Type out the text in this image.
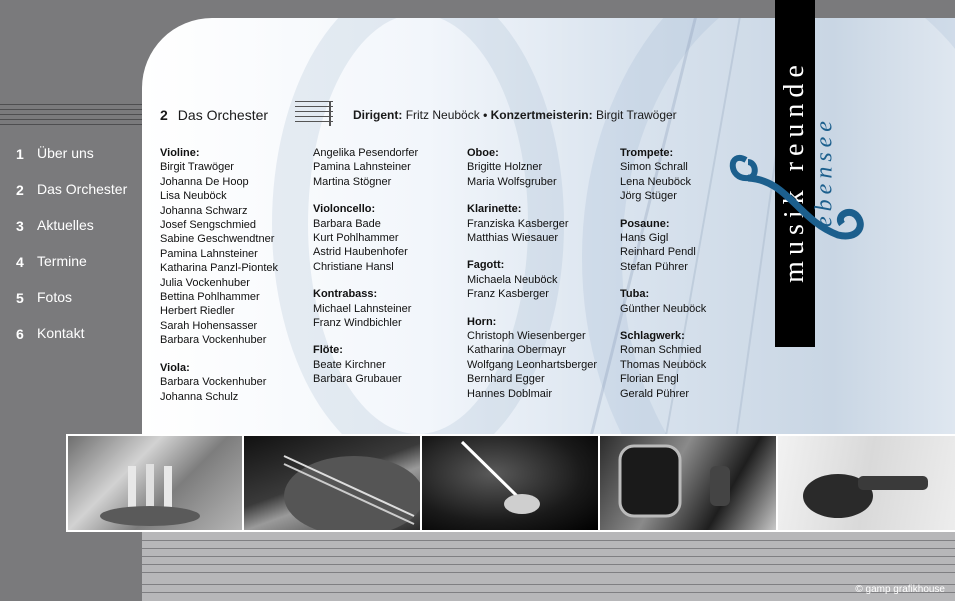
1 Über uns
2 Das Orchester
3 Aktuelles
4 Termine
5 Fotos
6 Kontakt
2 Das Orchester	Dirigent: Fritz Neuböck • Konzertmeisterin: Birgit Trawöger
Violine:
Birgit Trawöger
Johanna De Hoop
Lisa Neuböck
Johanna Schwarz
Josef Sengschmied
Sabine Geschwendtner
Pamina Lahnsteiner
Katharina Panzl-Piontek
Julia Vockenhuber
Bettina Pohlhammer
Herbert Riedler
Sarah Hohensasser
Barbara Vockenhuber
Viola:
Barbara Vockenhuber
Johanna Schulz
Angelika Pesendorfer
Pamina Lahnsteiner
Martina Stögner
Violoncello:
Barbara Bade
Kurt Pohlhammer
Astrid Haubenhofer
Christiane Hansl
Kontrabass:
Michael Lahnsteiner
Franz Windbichler
Flöte:
Beate Kirchner
Barbara Grubauer
Oboe:
Brigitte Holzner
Maria Wolfsgruber
Klarinette:
Franziska Kasberger
Matthias Wiesauer
Fagott:
Michaela Neuböck
Franz Kasberger
Horn:
Christoph Wiesenberger
Katharina Obermayr
Wolfgang Leonhartsberger
Bernhard Egger
Hannes Doblmair
Trompete:
Simon Schrall
Lena Neuböck
Jörg Stüger
Posaune:
Hans Gigl
Reinhard Pendl
Stefan Pührer
Tuba:
Günther Neuböck
Schlagwerk:
Roman Schmied
Thomas Neuböck
Florian Engl
Gerald Pührer
musik reunde ebensee
© gamp grafikhouse
